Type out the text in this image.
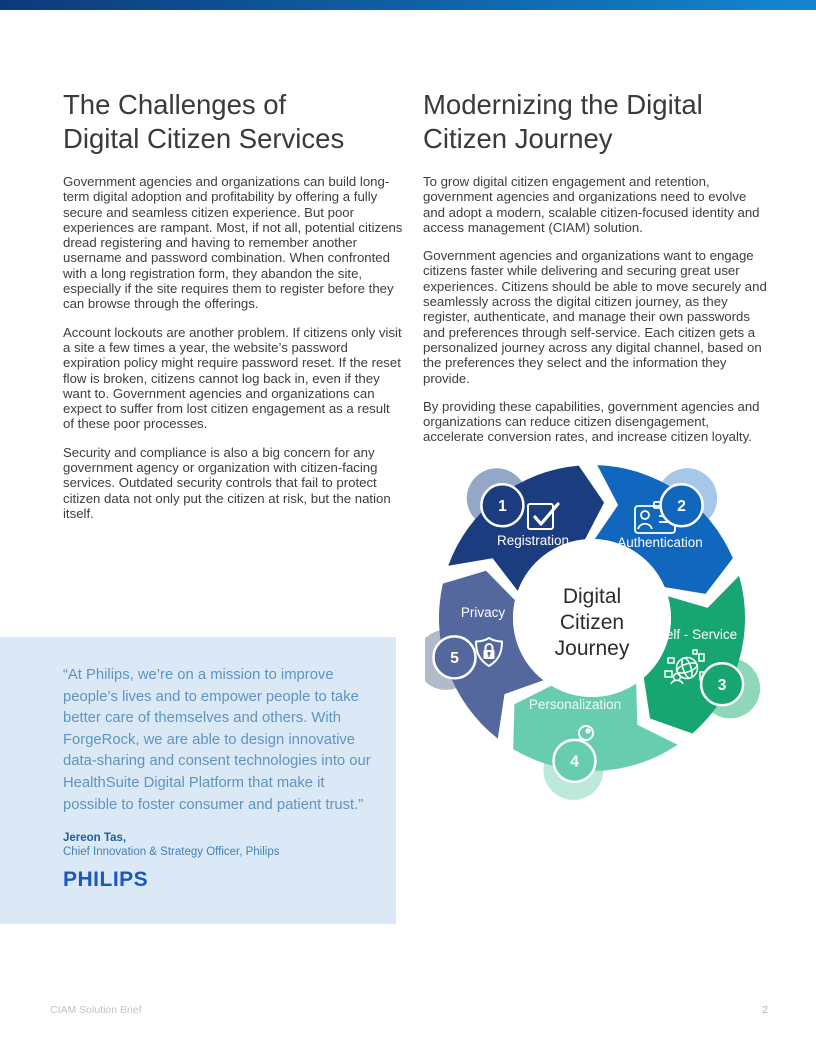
The Challenges of
Digital Citizen Services
Modernizing the Digital
Citizen Journey

Government agencies and organizations can build long-term digital adoption and profitability by offering a fully secure and seamless citizen experience. But poor experiences are rampant. Most, if not all, potential citizens dread registering and having to remember another username and password combination. When confronted with a long registration form, they abandon the site, especially if the site requires them to register before they can browse through the offerings.

Account lockouts are another problem. If citizens only visit a site a few times a year, the website’s password expiration policy might require password reset. If the reset flow is broken, citizens cannot log back in, even if they want to. Government agencies and organizations can expect to suffer from lost citizen engagement as a result of these poor processes.

Security and compliance is also a big concern for any government agency or organization with citizen-facing services. Outdated security controls that fail to protect citizen data not only put the citizen at risk, but the nation itself.

To grow digital citizen engagement and retention, government agencies and organizations need to evolve and adopt a modern, scalable citizen-focused identity and access management (CIAM) solution.

Government agencies and organizations want to engage citizens faster while delivering and securing great user experiences. Citizens should be able to move securely and seamlessly across the digital citizen journey, as they register, authenticate, and manage their own passwords and preferences through self-service. Each citizen gets a personalized journey across any digital channel, based on the preferences they select and the information they provide.

By providing these capabilities, government agencies and organizations can reduce citizen disengagement, accelerate conversion rates, and increase citizen loyalty.

“At Philips, we’re on a mission to improve people’s lives and to empower people to take better care of themselves and others. With ForgeRock, we are able to design innovative data-sharing and consent technologies into our HealthSuite Digital Platform that make it possible to foster consumer and patient trust.”
Jereon Tas,
Chief Innovation & Strategy Officer, Philips
PHILIPS
Digital
Citizen
Journey
Registration	Authentication
Self - Service
Personalization
Privacy
1	2
3
4
5
CIAM Solution Brief	2
